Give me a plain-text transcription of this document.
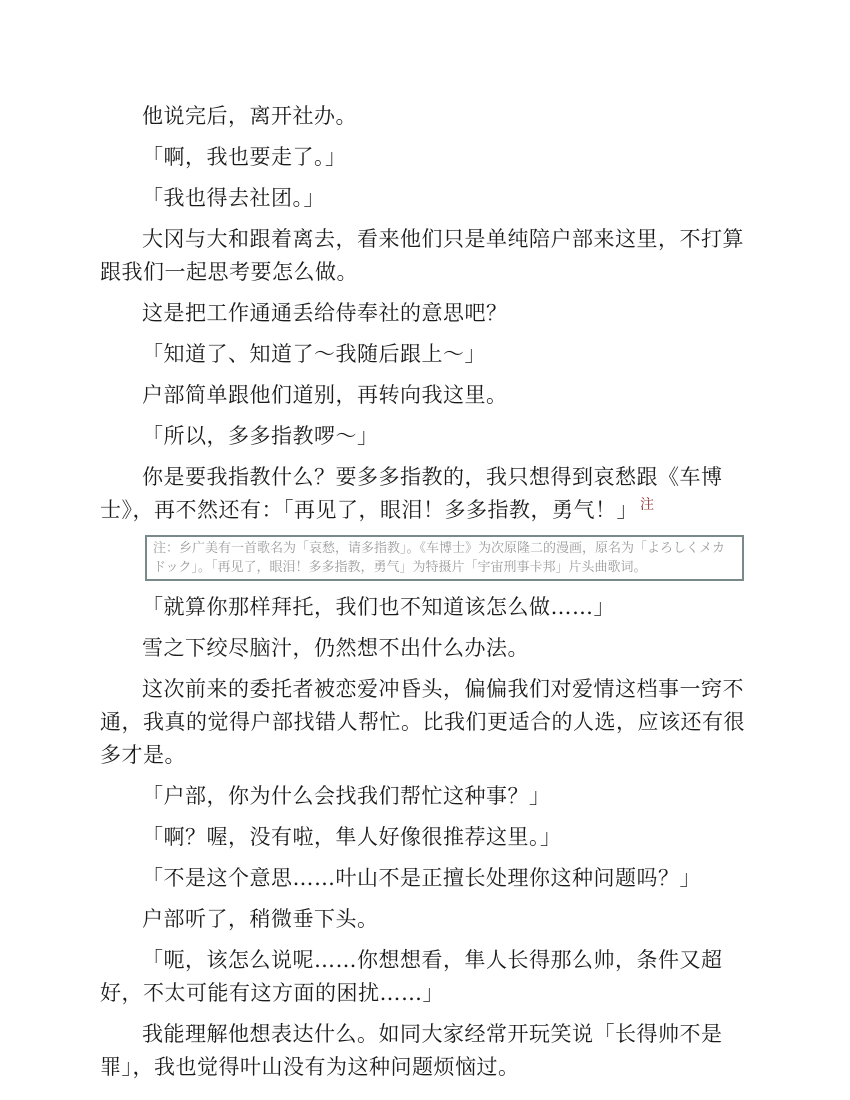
他说完后，离开社办。

「啊，我也要走了。」

「我也得去社团。」

大冈与大和跟着离去，看来他们只是单纯陪户部来这里，不打算跟我们一起思考要怎么做。

这是把工作通通丢给侍奉社的意思吧？

「知道了、知道了～我随后跟上～」

户部简单跟他们道别，再转向我这里。

「所以，多多指教啰～」

你是要我指教什么？要多多指教的，我只想得到哀愁跟《车博士》，再不然还有：「再见了，眼泪！多多指教，勇气！」 $^注$

注：乡广美有一首歌名为「哀愁，请多指教」。《车博士》为次原隆二的漫画，原名为「よろしくメカドック」。「再见了，眼泪！多多指教，勇气」为特摄片「宇宙刑事卡邦」片头曲歌词。

「就算你那样拜托，我们也不知道该怎么做……」

雪之下绞尽脑汁，仍然想不出什么办法。

这次前来的委托者被恋爱冲昏头，偏偏我们对爱情这档事一窍不通，我真的觉得户部找错人帮忙。比我们更适合的人选，应该还有很多才是。

「户部，你为什么会找我们帮忙这种事？」

「啊？喔，没有啦，隼人好像很推荐这里。」

「不是这个意思……叶山不是正擅长处理你这种问题吗？」

户部听了，稍微垂下头。

「呃，该怎么说呢……你想想看，隼人长得那么帅，条件又超好，不太可能有这方面的困扰……」

我能理解他想表达什么。如同大家经常开玩笑说「长得帅不是罪」，我也觉得叶山没有为这种问题烦恼过。
